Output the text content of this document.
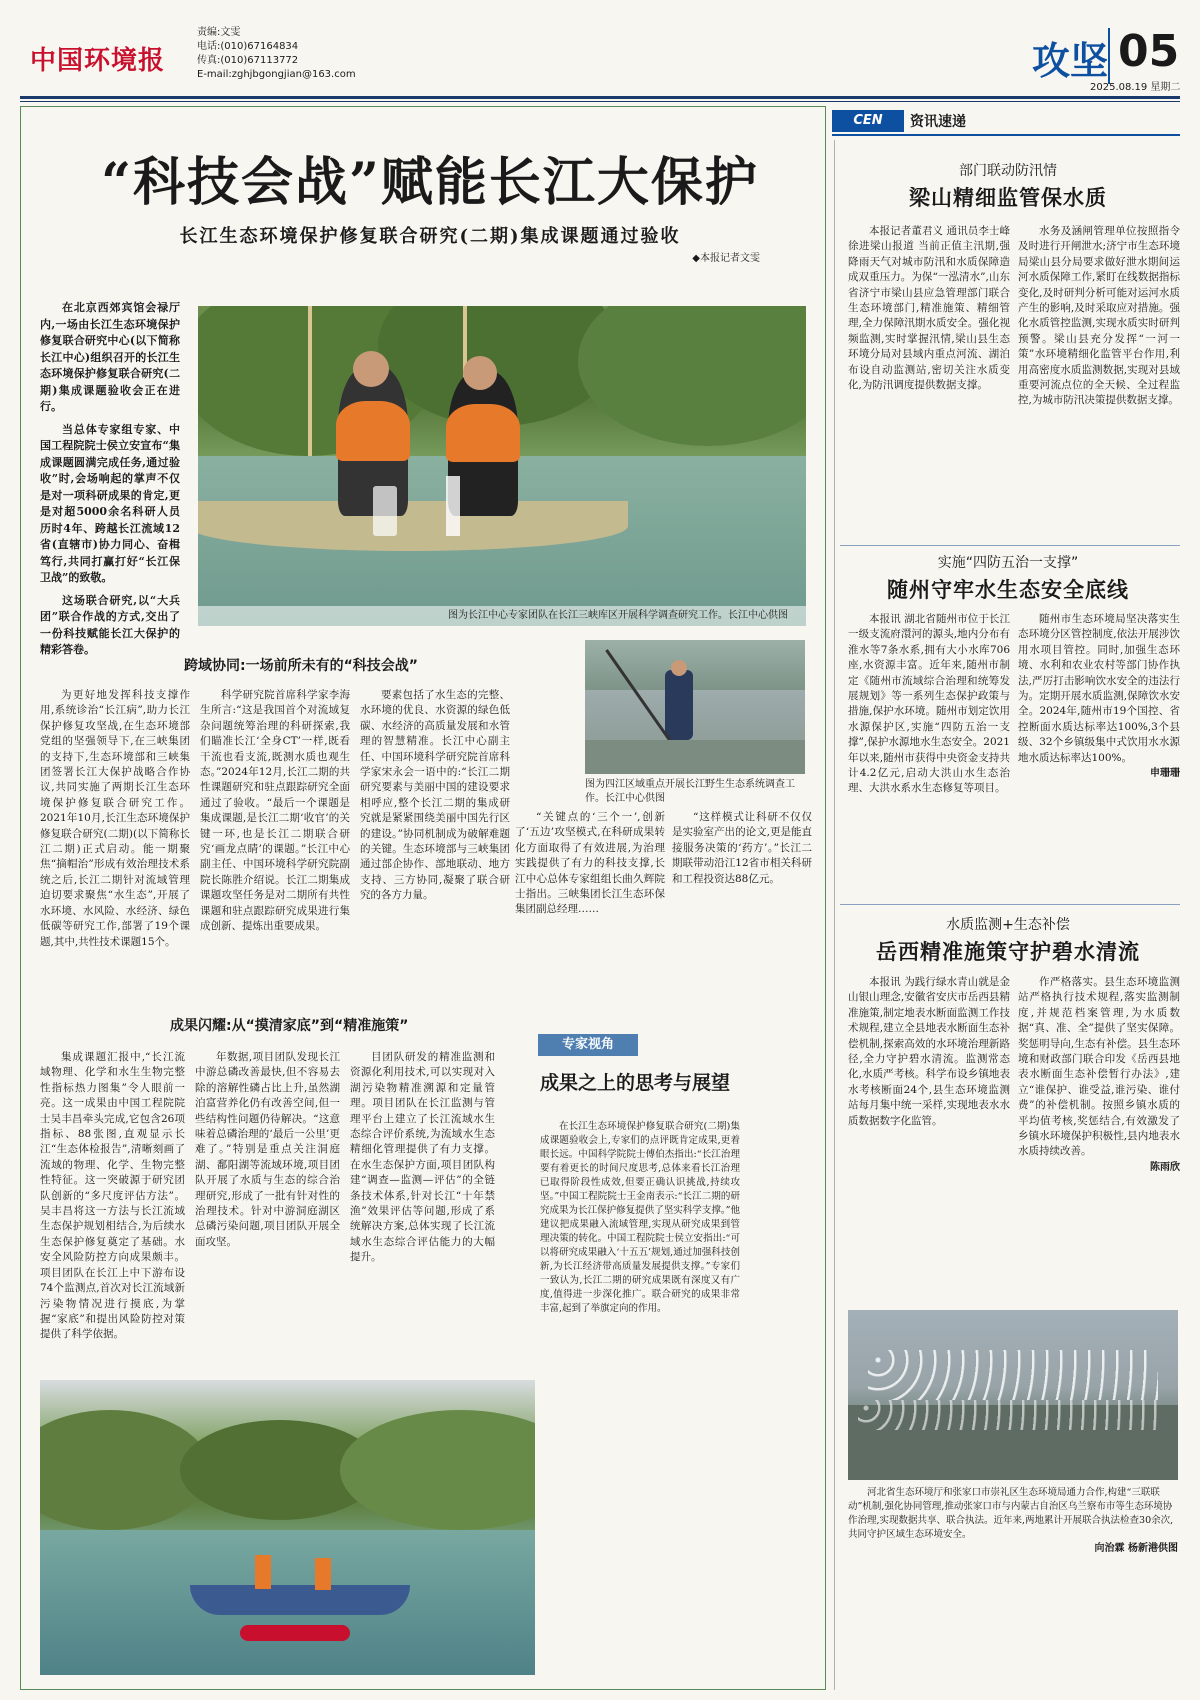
中国环境报
责编:文雯
电话:(010)67164834
传真:(010)67113772
E-mail:zghjbgongjian@163.com	攻坚 05
2025.08.19 星期二
“科技会战”赋能长江大保护
长江生态环境保护修复联合研究(二期)集成课题通过验收
◆本报记者文雯

在北京西郊宾馆会禄厅内,一场由长江生态环境保护修复联合研究中心(以下简称长江中心)组织召开的长江生态环境保护修复联合研究(二期)集成课题验收会正在进行。

当总体专家组专家、中国工程院院士侯立安宣布“集成课题圆满完成任务,通过验收”时,会场响起的掌声不仅是对一项科研成果的肯定,更是对超5000余名科研人员历时4年、跨越长江流域12省(直辖市)协力同心、奋楫笃行,共同打赢打好“长江保卫战”的致敬。

这场联合研究,以“大兵团”联合作战的方式,交出了一份科技赋能长江大保护的精彩答卷。

图为长江中心专家团队在长江三峡库区开展科学调查研究工作。长江中心供图
图为四江区域重点开展长江野生生态系统调查工作。长江中心供图
跨域协同:一场前所未有的“科技会战”

为更好地发挥科技支撑作用,系统诊治“长江病”,助力长江保护修复攻坚战,在生态环境部党组的坚强领导下,在三峡集团的支持下,生态环境部和三峡集团签署长江大保护战略合作协议,共同实施了两期长江生态环境保护修复联合研究工作。2021年10月,长江生态环境保护修复联合研究(二期)(以下简称长江二期)正式启动。能一期聚焦“摘帽治”形成有效治理技术系统之后,长江二期针对流域管理迫切要求聚焦“水生态”,开展了水环境、水风险、水经济、绿色低碳等研究工作,部署了19个课题,其中,共性技术课题15个。

科学研究院首席科学家李海生所言:“这是我国首个对流域复杂问题统筹治理的科研探索,我们瞄准长江‘全身CT’一样,既看干流也看支流,既测水质也观生态。”2024年12月,长江二期的共性课题研究和驻点跟踪研究全面通过了验收。“最后一个课题是集成课题,是长江二期‘收官’的关键一环,也是长江二期联合研究‘画龙点睛’的课题。”长江中心副主任、中国环境科学研究院副院长陈胜介绍说。长江二期集成课题攻坚任务是对二期所有共性课题和驻点跟踪研究成果进行集成创新、提炼出重要成果。

要素包括了水生态的完整、水环境的优良、水资源的绿色低碳、水经济的高质量发展和水管理的智慧精准。长江中心副主任、中国环境科学研究院首席科学家宋永会一语中的:“长江二期研究要素与美丽中国的建设要求相呼应,整个长江二期的集成研究就是紧紧围绕美丽中国先行区的建设。”协同机制成为破解难题的关键。生态环境部与三峡集团通过部企协作、部地联动、地方支持、三方协同,凝聚了联合研究的各方力量。

“关键点的‘三个一’,创新了‘五边’攻坚模式,在科研成果转化方面取得了有效进展,为治理实践提供了有力的科技支撑,长江中心总体专家组组长曲久辉院士指出。三峡集团长江生态环保集团副总经理……

“这样模式让科研不仅仅是实验室产出的论文,更是能直接服务决策的‘药方’。”长江二期联带动沿江12省市相关科研和工程投资达88亿元。

成果闪耀:从“摸清家底”到“精准施策”

集成课题汇报中,“长江流域物理、化学和水生生物完整性指标热力图集”令人眼前一亮。这一成果由中国工程院院士吴丰昌牵头完成,它包含26项指标、88张图,直观显示长江“生态体检报告”,清晰刻画了流域的物理、化学、生物完整性特征。这一突破源于研究团队创新的“多尺度评估方法”。吴丰昌将这一方法与长江流域生态保护规划相结合,为后续水生态保护修复奠定了基础。水安全风险防控方向成果颇丰。项目团队在长江上中下游布设74个监测点,首次对长江流域新污染物情况进行摸底,为掌握“家底”和提出风险防控对策提供了科学依据。

年数据,项目团队发现长江中游总磷改善最快,但不容易去除的溶解性磷占比上升,虽然湖泊富营养化仍有改善空间,但一些结构性问题仍待解决。“这意味着总磷治理的‘最后一公里’更难了。”特别是重点关注洞庭湖、鄱阳湖等流域环境,项目团队开展了水质与生态的综合治理研究,形成了一批有针对性的治理技术。针对中游洞庭湖区总磷污染问题,项目团队开展全面攻坚。

目团队研发的精准监测和资源化利用技术,可以实现对入湖污染物精准溯源和定量管理。项目团队在长江监测与管理平台上建立了长江流域水生态综合评价系统,为流域水生态精细化管理提供了有力支撑。在水生态保护方面,项目团队构建“调查—监测—评估”的全链条技术体系,针对长江“十年禁渔”效果评估等问题,形成了系统解决方案,总体实现了长江流域水生态综合评估能力的大幅提升。

专家视角
成果之上的思考与展望

在长江生态环境保护修复联合研究(二期)集成课题验收会上,专家们的点评既肯定成果,更着眼长远。中国科学院院士傅伯杰指出:“长江治理要有着更长的时间尺度思考,总体来看长江治理已取得阶段性成效,但要正确认识挑战,持续攻坚。”中国工程院院士王金南表示:“长江二期的研究成果为长江保护修复提供了坚实科学支撑。”他建议把成果融入流域管理,实现从研究成果到管理决策的转化。中国工程院院士侯立安指出:“可以将研究成果融入‘十五五’规划,通过加强科技创新,为长江经济带高质量发展提供支撑。”专家们一致认为,长江二期的研究成果既有深度又有广度,值得进一步深化推广。联合研究的成果非常丰富,起到了举旗定向的作用。

CEN	资讯速递
部门联动防汛情
梁山精细监管保水质

本报记者董君义 通讯员李士峰 徐进梁山报道 当前正值主汛期,强降雨天气对城市防汛和水质保障造成双重压力。为保“一泓清水”,山东省济宁市梁山县应急管理部门联合生态环境部门,精准施策、精细管理,全力保障汛期水质安全。强化视频监测,实时掌握汛情,梁山县生态环境分局对县域内重点河流、湖泊布设自动监测站,密切关注水质变化,为防汛调度提供数据支撑。

水务及涵闸管理单位按照指令及时进行开闸泄水;济宁市生态环境局梁山县分局要求做好泄水期间运河水质保障工作,紧盯在线数据指标变化,及时研判分析可能对运河水质产生的影响,及时采取应对措施。强化水质管控监测,实现水质实时研判预警。梁山县充分发挥“一河一策”水环境精细化监管平台作用,利用高密度水质监测数据,实现对县域重要河流点位的全天候、全过程监控,为城市防汛决策提供数据支撑。

实施“四防五治一支撑”
随州守牢水生态安全底线

本报讯 湖北省随州市位于长江一级支流府澴河的源头,地内分布有淮水等7条水系,拥有大小水库706座,水资源丰富。近年来,随州市制定《随州市流域综合治理和统筹发展规划》等一系列生态保护政策与措施,保护水环境。随州市划定饮用水源保护区,实施“四防五治一支撑”,保护水源地水生态安全。2021年以来,随州市获得中央资金支持共计4.2亿元,启动大洪山水生态治理、大洪水系水生态修复等项目。

随州市生态环境局坚决落实生态环境分区管控制度,依法开展涉饮用水项目管控。同时,加强生态环境、水利和农业农村等部门协作执法,严厉打击影响饮水安全的违法行为。定期开展水质监测,保障饮水安全。2024年,随州市19个国控、省控断面水质达标率达100%,3个县级、32个乡镇级集中式饮用水水源地水质达标率达100%。

申珊珊
水质监测+生态补偿
岳西精准施策守护碧水清流

本报讯 为践行绿水青山就是金山银山理念,安徽省安庆市岳西县精准施策,制定地表水断面监测工作技术规程,建立全县地表水断面生态补偿机制,探索高效的水环境治理新路径,全力守护碧水清流。监测常态化,水质严考核。科学布设乡镇地表水考核断面24个,县生态环境监测站每月集中统一采样,实现地表水水质数据数字化监管。

作严格落实。县生态环境监测站严格执行技术规程,落实监测制度,并规范档案管理,为水质数据“真、准、全”提供了坚实保障。奖惩明导向,生态有补偿。县生态环境和财政部门联合印发《岳西县地表水断面生态补偿暂行办法》,建立“谁保护、谁受益,谁污染、谁付费”的补偿机制。按照乡镇水质的平均值考核,奖惩结合,有效激发了乡镇水环境保护积极性,县内地表水水质持续改善。

陈雨欣

河北省生态环境厅和张家口市崇礼区生态环境局通力合作,构建“三联联动”机制,强化协同管理,推动张家口市与内蒙古自治区乌兰察布市等生态环境协作治理,实现数据共享、联合执法。近年来,两地累计开展联合执法检查30余次,共同守护区域生态环境安全。

向治霖 杨新港供图
